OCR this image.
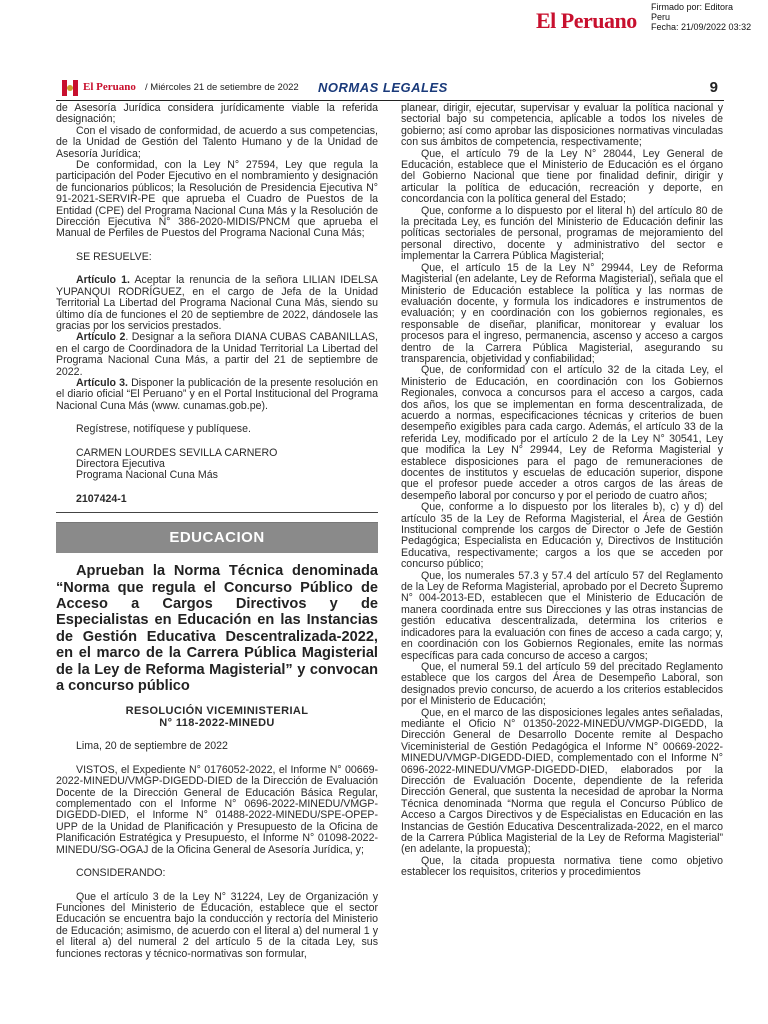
El Peruano
Firmado por: Editora
Peru
Fecha: 21/09/2022 03:32
El Peruano / Miércoles 21 de setiembre de 2022 NORMAS LEGALES	9

de Asesoría Jurídica considera jurídicamente viable la referida designación;

Con el visado de conformidad, de acuerdo a sus competencias, de la Unidad de Gestión del Talento Humano y de la Unidad de Asesoría Jurídica;

De conformidad, con la Ley N° 27594, Ley que regula la participación del Poder Ejecutivo en el nombramiento y designación de funcionarios públicos; la Resolución de Presidencia Ejecutiva N° 91-2021-SERVIR-PE que aprueba el Cuadro de Puestos de la Entidad (CPE) del Programa Nacional Cuna Más y la Resolución de Dirección Ejecutiva N° 386-2020-MIDIS/PNCM que aprueba el Manual de Perfiles de Puestos del Programa Nacional Cuna Más;

SE RESUELVE:

Artículo 1. Aceptar la renuncia de la señora LILIAN IDELSA YUPANQUI RODRÍGUEZ, en el cargo de Jefa de la Unidad Territorial La Libertad del Programa Nacional Cuna Más, siendo su último día de funciones el 20 de septiembre de 2022, dándosele las gracias por los servicios prestados.

Artículo 2. Designar a la señora DIANA CUBAS CABANILLAS, en el cargo de Coordinadora de la Unidad Territorial La Libertad del Programa Nacional Cuna Más, a partir del 21 de septiembre de 2022.

Artículo 3. Disponer la publicación de la presente resolución en el diario oficial “El Peruano” y en el Portal Institucional del Programa Nacional Cuna Más (www. cunamas.gob.pe).

Regístrese, notifíquese y publíquese.

CARMEN LOURDES SEVILLA CARNERO

Directora Ejecutiva

Programa Nacional Cuna Más

2107424-1

EDUCACION

Aprueban la Norma Técnica denominada “Norma que regula el Concurso Público de Acceso a Cargos Directivos y de Especialistas en Educación en las Instancias de Gestión Educativa Descentralizada-2022, en el marco de la Carrera Pública Magisterial de la Ley de Reforma Magisterial” y convocan a concurso público

RESOLUCIÓN VICEMINISTERIAL
N° 118-2022-MINEDU

Lima, 20 de septiembre de 2022

VISTOS, el Expediente N° 0176052-2022, el Informe N° 00669-2022-MINEDU/VMGP-DIGEDD-DIED de la Dirección de Evaluación Docente de la Dirección General de Educación Básica Regular, complementado con el Informe N° 0696-2022-MINEDU/VMGP-DIGEDD-DIED, el Informe N° 01488-2022-MINEDU/SPE-OPEP-UPP de la Unidad de Planificación y Presupuesto de la Oficina de Planificación Estratégica y Presupuesto, el Informe N° 01098-2022-MINEDU/SG-OGAJ de la Oficina General de Asesoría Jurídica, y;

CONSIDERANDO:

Que el artículo 3 de la Ley N° 31224, Ley de Organización y Funciones del Ministerio de Educación, establece que el sector Educación se encuentra bajo la conducción y rectoría del Ministerio de Educación; asimismo, de acuerdo con el literal a) del numeral 1 y el literal a) del numeral 2 del artículo 5 de la citada Ley, sus funciones rectoras y técnico-normativas son formular,

planear, dirigir, ejecutar, supervisar y evaluar la política nacional y sectorial bajo su competencia, aplicable a todos los niveles de gobierno; así como aprobar las disposiciones normativas vinculadas con sus ámbitos de competencia, respectivamente;

Que, el artículo 79 de la Ley N° 28044, Ley General de Educación, establece que el Ministerio de Educación es el órgano del Gobierno Nacional que tiene por finalidad definir, dirigir y articular la política de educación, recreación y deporte, en concordancia con la política general del Estado;

Que, conforme a lo dispuesto por el literal h) del artículo 80 de la precitada Ley, es función del Ministerio de Educación definir las políticas sectoriales de personal, programas de mejoramiento del personal directivo, docente y administrativo del sector e implementar la Carrera Pública Magisterial;

Que, el artículo 15 de la Ley N° 29944, Ley de Reforma Magisterial (en adelante, Ley de Reforma Magisterial), señala que el Ministerio de Educación establece la política y las normas de evaluación docente, y formula los indicadores e instrumentos de evaluación; y en coordinación con los gobiernos regionales, es responsable de diseñar, planificar, monitorear y evaluar los procesos para el ingreso, permanencia, ascenso y acceso a cargos dentro de la Carrera Pública Magisterial, asegurando su transparencia, objetividad y confiabilidad;

Que, de conformidad con el artículo 32 de la citada Ley, el Ministerio de Educación, en coordinación con los Gobiernos Regionales, convoca a concursos para el acceso a cargos, cada dos años, los que se implementan en forma descentralizada, de acuerdo a normas, especificaciones técnicas y criterios de buen desempeño exigibles para cada cargo. Además, el artículo 33 de la referida Ley, modificado por el artículo 2 de la Ley N° 30541, Ley que modifica la Ley N° 29944, Ley de Reforma Magisterial y establece disposiciones para el pago de remuneraciones de docentes de institutos y escuelas de educación superior, dispone que el profesor puede acceder a otros cargos de las áreas de desempeño laboral por concurso y por el periodo de cuatro años;

Que, conforme a lo dispuesto por los literales b), c) y d) del artículo 35 de la Ley de Reforma Magisterial, el Área de Gestión Institucional comprende los cargos de Director o Jefe de Gestión Pedagógica; Especialista en Educación y, Directivos de Institución Educativa, respectivamente; cargos a los que se acceden por concurso público;

Que, los numerales 57.3 y 57.4 del artículo 57 del Reglamento de la Ley de Reforma Magisterial, aprobado por el Decreto Supremo N° 004-2013-ED, establecen que el Ministerio de Educación de manera coordinada entre sus Direcciones y las otras instancias de gestión educativa descentralizada, determina los criterios e indicadores para la evaluación con fines de acceso a cada cargo; y, en coordinación con los Gobiernos Regionales, emite las normas específicas para cada concurso de acceso a cargos;

Que, el numeral 59.1 del artículo 59 del precitado Reglamento establece que los cargos del Área de Desempeño Laboral, son designados previo concurso, de acuerdo a los criterios establecidos por el Ministerio de Educación;

Que, en el marco de las disposiciones legales antes señaladas, mediante el Oficio N° 01350-2022-MINEDU/VMGP-DIGEDD, la Dirección General de Desarrollo Docente remite al Despacho Viceministerial de Gestión Pedagógica el Informe N° 00669-2022-MINEDU/VMGP-DIGEDD-DIED, complementado con el Informe N° 0696-2022-MINEDU/VMGP-DIGEDD-DIED, elaborados por la Dirección de Evaluación Docente, dependiente de la referida Dirección General, que sustenta la necesidad de aprobar la Norma Técnica denominada “Norma que regula el Concurso Público de Acceso a Cargos Directivos y de Especialistas en Educación en las Instancias de Gestión Educativa Descentralizada-2022, en el marco de la Carrera Pública Magisterial de la Ley de Reforma Magisterial” (en adelante, la propuesta);

Que, la citada propuesta normativa tiene como objetivo establecer los requisitos, criterios y procedimientos
